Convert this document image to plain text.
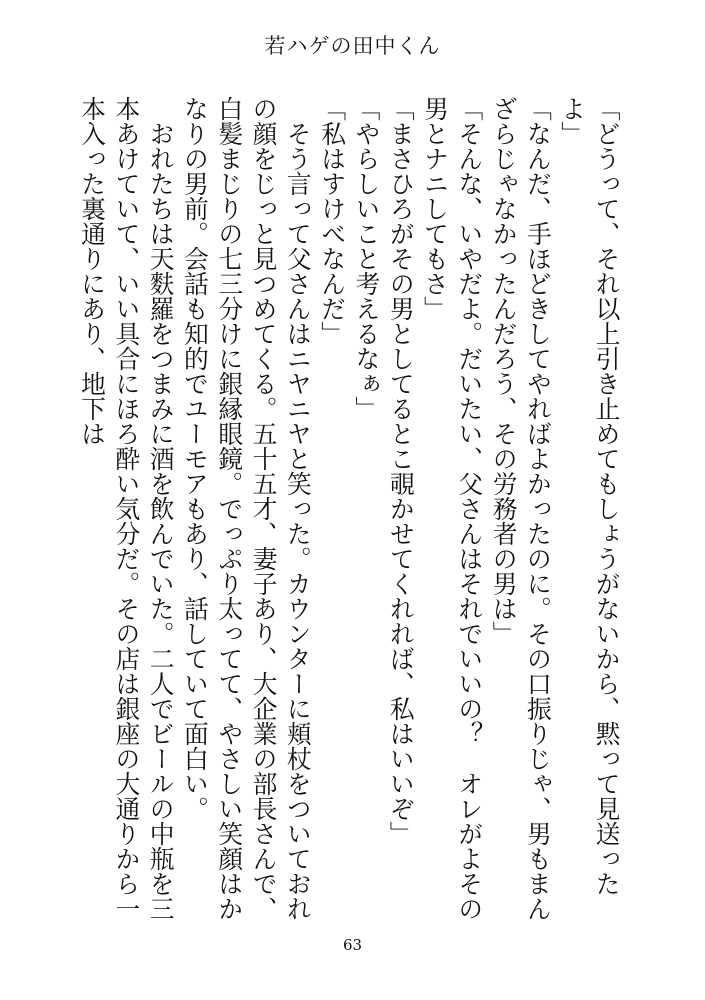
若ハゲの田中くん

「どうって、それ以上引き止めてもしょうがないから、黙って見送ったよ」

「なんだ、手ほどきしてやればよかったのに。その口振りじゃ、男もまんざらじゃなかったんだろう、その労務者の男は」

「そんな、いやだよ。だいたい、父さんはそれでいいの？　オレがよその男とナニしてもさ」

「まさひろがその男としてるとこ覗かせてくれれば、私はいいぞ」

「やらしいこと考えるなぁ」

「私はすけべなんだ」

　そう言って父さんはニヤニヤと笑った。カウンターに頬杖をついておれの顔をじっと見つめてくる。五十五才、妻子あり、大企業の部長さんで、白髪まじりの七三分けに銀縁眼鏡。でっぷり太ってて、やさしい笑顔はかなりの男前。会話も知的でユーモアもあり、話していて面白い。

　おれたちは天麩羅をつまみに酒を飲んでいた。二人でビールの中瓶を三本あけていて、いい具合にほろ酔い気分だ。その店は銀座の大通りから一本入った裏通りにあり、地下は

63
